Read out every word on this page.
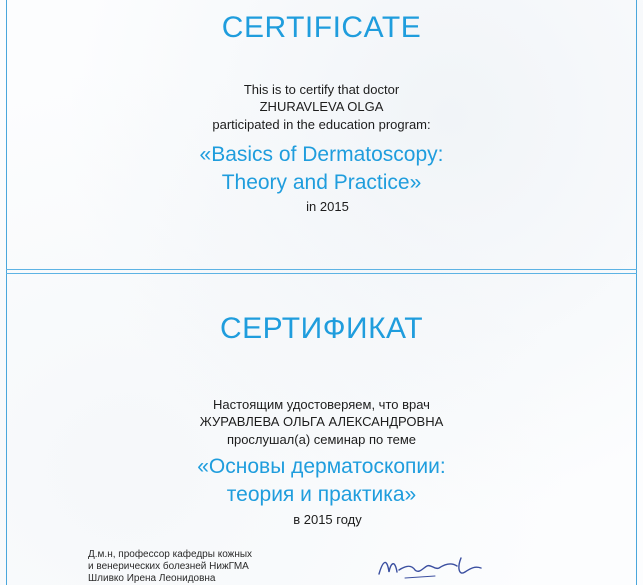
CERTIFICATE
This is to certify that doctor
ZHURAVLEVA OLGA
participated in the education program:
«Basics of Dermatoscopy:
Theory and Practice»
in 2015
СЕРТИФИКАТ
Настоящим удостоверяем, что врач
ЖУРАВЛЕВА ОЛЬГА АЛЕКСАНДРОВНА
прослушал(а) семинар по теме
«Основы дерматоскопии:
теория и практика»
в 2015 году
Д.м.н, профессор кафедры кожных
и венерических болезней НижГМА
Шливко Ирена Леонидовна
